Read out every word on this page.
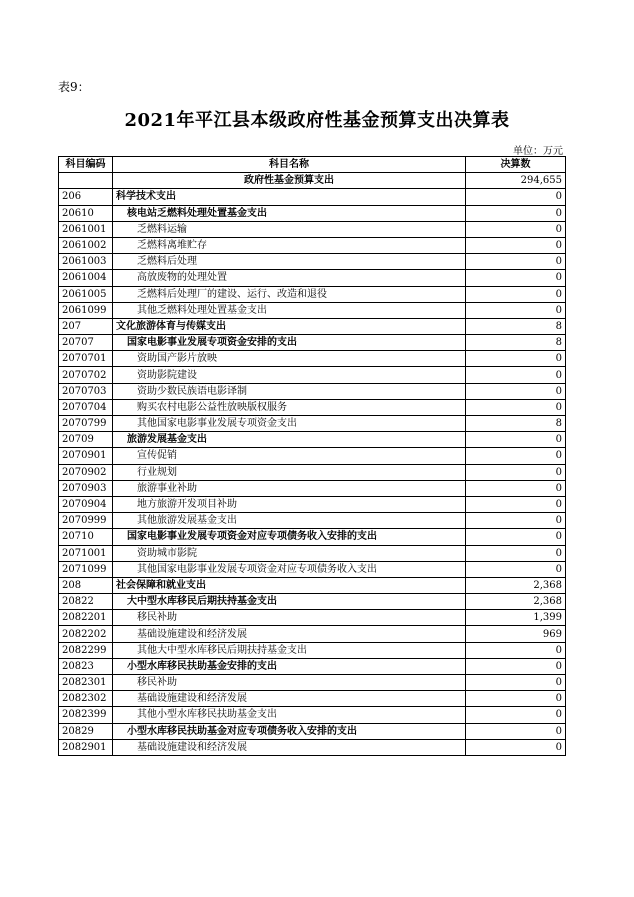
表9：
2021年平江县本级政府性基金预算支出决算表
单位：万元
科目编码	科目名称	决算数
	政府性基金预算支出	294,655
206	科学技术支出	0
20610	核电站乏燃料处理处置基金支出	0
2061001	乏燃料运输	0
2061002	乏燃料离堆贮存	0
2061003	乏燃料后处理	0
2061004	高放废物的处理处置	0
2061005	乏燃料后处理厂的建设、运行、改造和退役	0
2061099	其他乏燃料处理处置基金支出	0
207	文化旅游体育与传媒支出	8
20707	国家电影事业发展专项资金安排的支出	8
2070701	资助国产影片放映	0
2070702	资助影院建设	0
2070703	资助少数民族语电影译制	0
2070704	购买农村电影公益性放映版权服务	0
2070799	其他国家电影事业发展专项资金支出	8
20709	旅游发展基金支出	0
2070901	宣传促销	0
2070902	行业规划	0
2070903	旅游事业补助	0
2070904	地方旅游开发项目补助	0
2070999	其他旅游发展基金支出	0
20710	国家电影事业发展专项资金对应专项债务收入安排的支出	0
2071001	资助城市影院	0
2071099	其他国家电影事业发展专项资金对应专项债务收入支出	0
208	社会保障和就业支出	2,368
20822	大中型水库移民后期扶持基金支出	2,368
2082201	移民补助	1,399
2082202	基础设施建设和经济发展	969
2082299	其他大中型水库移民后期扶持基金支出	0
20823	小型水库移民扶助基金安排的支出	0
2082301	移民补助	0
2082302	基础设施建设和经济发展	0
2082399	其他小型水库移民扶助基金支出	0
20829	小型水库移民扶助基金对应专项债务收入安排的支出	0
2082901	基础设施建设和经济发展	0
